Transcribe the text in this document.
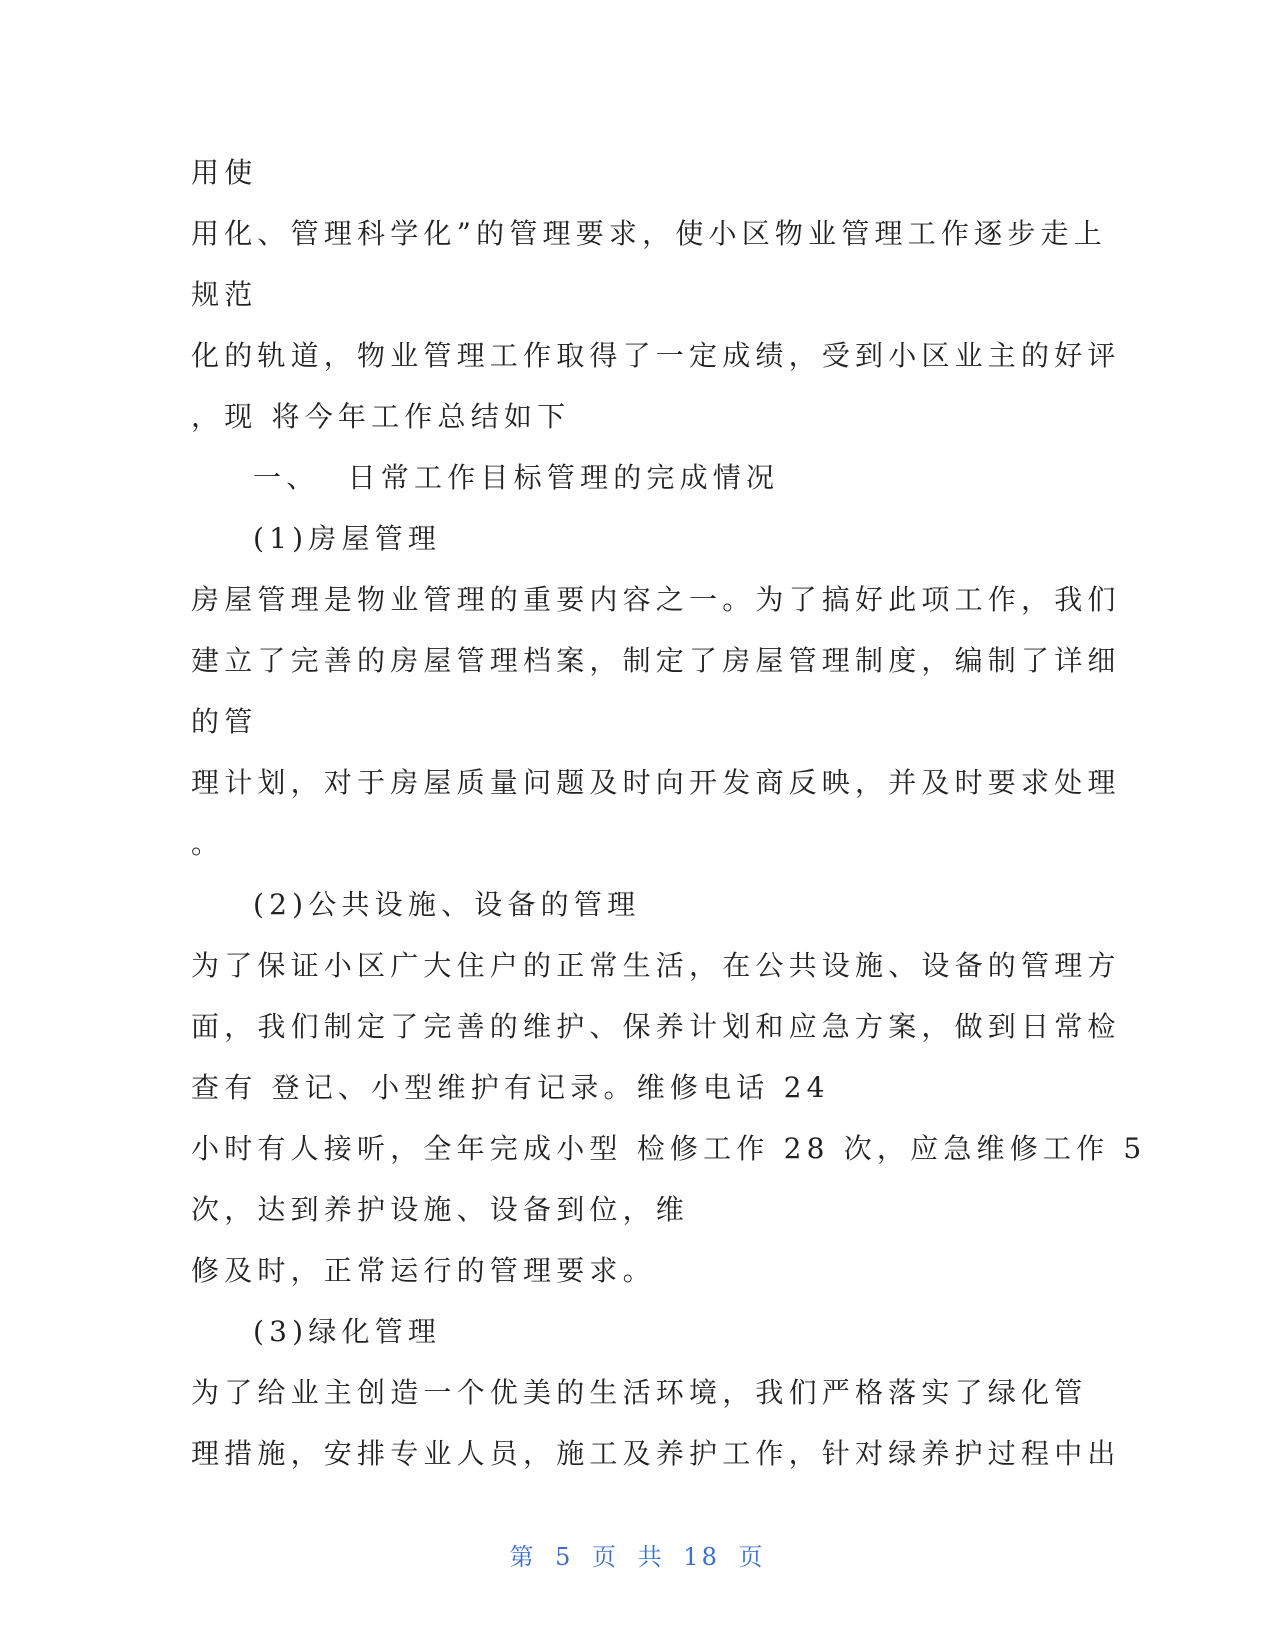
用使
用化、管理科学化”的管理要求，使小区物业管理工作逐步走上
规范
化的轨道，物业管理工作取得了一定成绩，受到小区业主的好评
，现 将今年工作总结如下
一、  日常工作目标管理的完成情况
(1)房屋管理
房屋管理是物业管理的重要内容之一。为了搞好此项工作，我们
建立了完善的房屋管理档案，制定了房屋管理制度，编制了详细
的管
理计划，对于房屋质量问题及时向开发商反映，并及时要求处理
。
(2)公共设施、设备的管理
为了保证小区广大住户的正常生活，在公共设施、设备的管理方
面，我们制定了完善的维护、保养计划和应急方案，做到日常检
查有 登记、小型维护有记录。维修电话 24
小时有人接听，全年完成小型 检修工作 28 次，应急维修工作 5
次，达到养护设施、设备到位，维
修及时，正常运行的管理要求。
(3)绿化管理
为了给业主创造一个优美的生活环境，我们严格落实了绿化管
理措施，安排专业人员，施工及养护工作，针对绿养护过程中出
第 5 页 共 18 页
